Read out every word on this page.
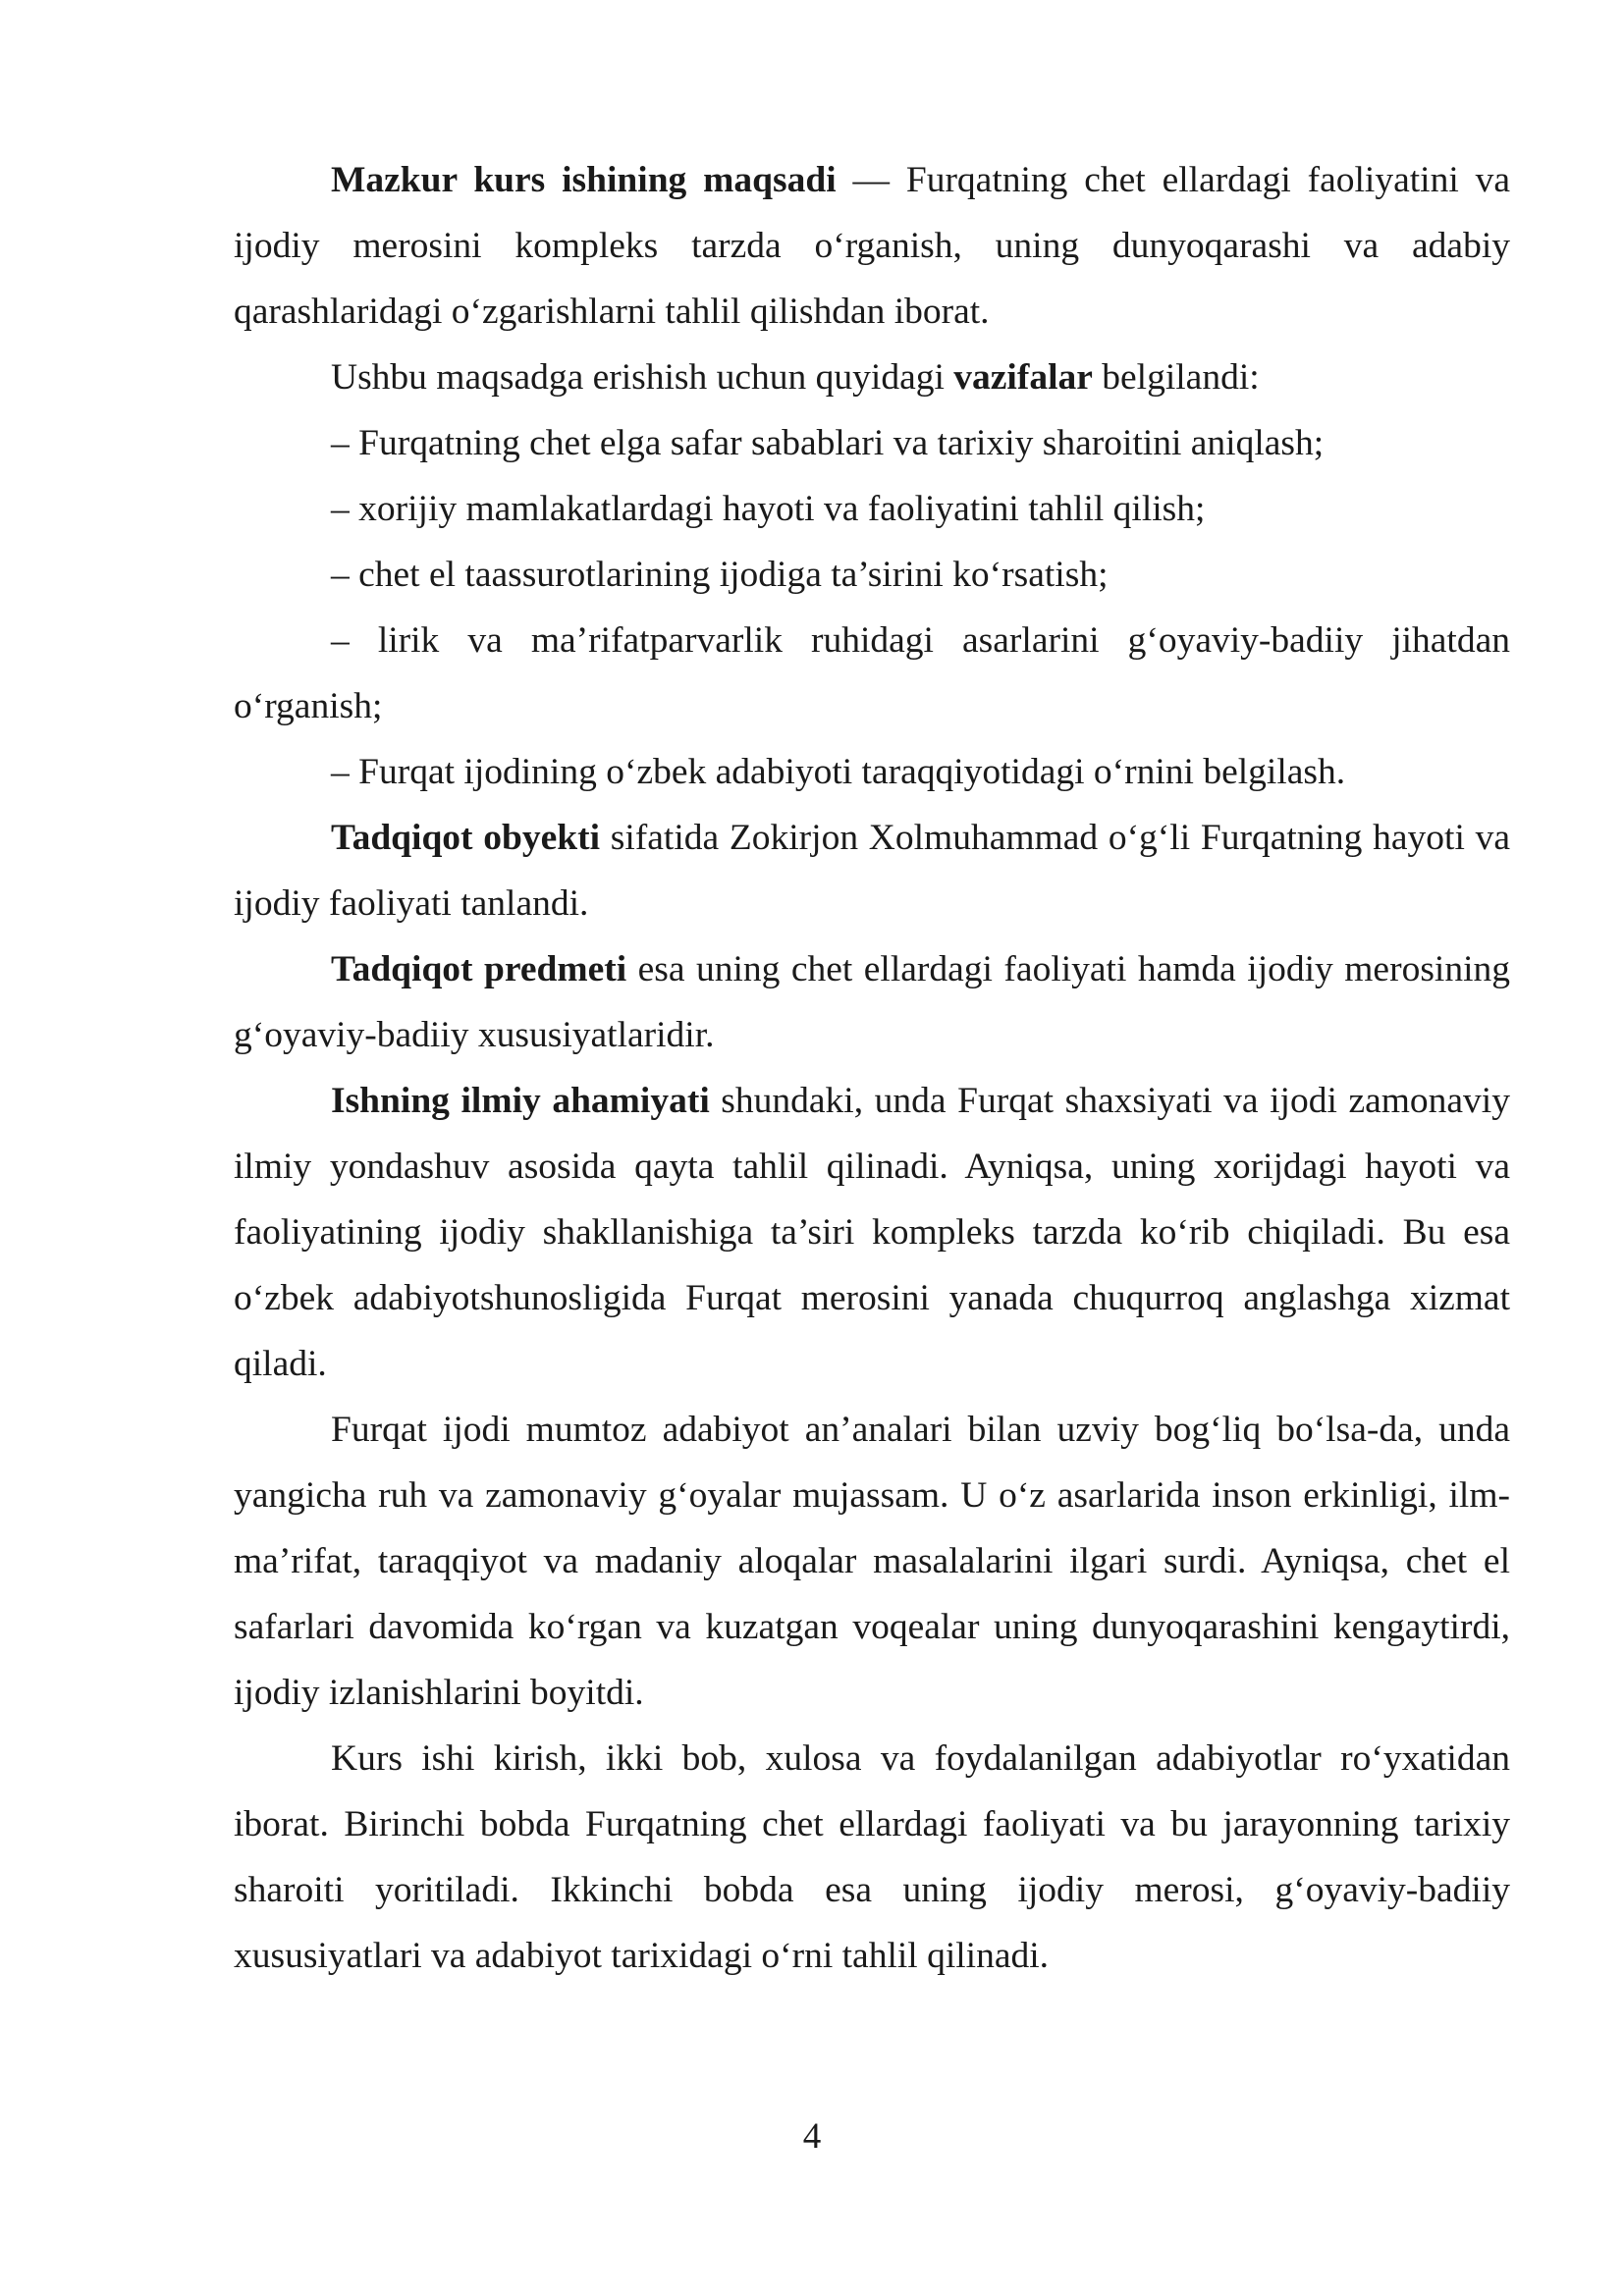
Mazkur kurs ishining maqsadi — Furqatning chet ellardagi faoliyatini va ijodiy merosini kompleks tarzda o‘rganish, uning dunyoqarashi va adabiy qarashlaridagi o‘zgarishlarni tahlil qilishdan iborat.

Ushbu maqsadga erishish uchun quyidagi vazifalar belgilandi:

– Furqatning chet elga safar sabablari va tarixiy sharoitini aniqlash;

– xorijiy mamlakatlardagi hayoti va faoliyatini tahlil qilish;

– chet el taassurotlarining ijodiga ta’sirini ko‘rsatish;

– lirik va ma’rifatparvarlik ruhidagi asarlarini g‘oyaviy-badiiy jihatdan o‘rganish;

– Furqat ijodining o‘zbek adabiyoti taraqqiyotidagi o‘rnini belgilash.

Tadqiqot obyekti sifatida Zokirjon Xolmuhammad o‘g‘li Furqatning hayoti va ijodiy faoliyati tanlandi.

Tadqiqot predmeti esa uning chet ellardagi faoliyati hamda ijodiy merosining g‘oyaviy-badiiy xususiyatlaridir.

Ishning ilmiy ahamiyati shundaki, unda Furqat shaxsiyati va ijodi zamonaviy ilmiy yondashuv asosida qayta tahlil qilinadi. Ayniqsa, uning xorijdagi hayoti va faoliyatining ijodiy shakllanishiga ta’siri kompleks tarzda ko‘rib chiqiladi. Bu esa o‘zbek adabiyotshunosligida Furqat merosini yanada chuqurroq anglashga xizmat qiladi.

Furqat ijodi mumtoz adabiyot an’analari bilan uzviy bog‘liq bo‘lsa-da, unda yangicha ruh va zamonaviy g‘oyalar mujassam. U o‘z asarlarida inson erkinligi, ilm-ma’rifat, taraqqiyot va madaniy aloqalar masalalarini ilgari surdi. Ayniqsa, chet el safarlari davomida ko‘rgan va kuzatgan voqealar uning dunyoqarashini kengaytirdi, ijodiy izlanishlarini boyitdi.

Kurs ishi kirish, ikki bob, xulosa va foydalanilgan adabiyotlar ro‘yxatidan iborat. Birinchi bobda Furqatning chet ellardagi faoliyati va bu jarayonning tarixiy sharoiti yoritiladi. Ikkinchi bobda esa uning ijodiy merosi, g‘oyaviy-badiiy xususiyatlari va adabiyot tarixidagi o‘rni tahlil qilinadi.

4
